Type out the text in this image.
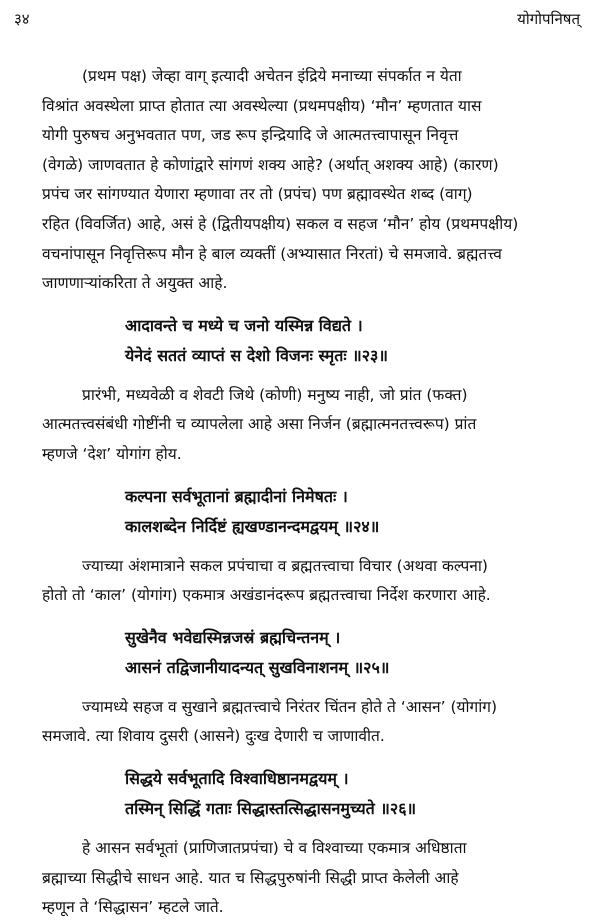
३४	योगोपनिषत्

(प्रथम पक्ष) जेव्हा वाग् इत्यादी अचेतन इंद्रिये मनाच्या संपर्कात न येता
विश्रांत अवस्थेला प्राप्त होतात त्या अवस्थेल्या (प्रथमपक्षीय) ‘मौन’ म्हणतात यास
योगी पुरुषच अनुभवतात पण, जड रूप इन्द्रियादि जे आत्मतत्त्वापासून निवृत्त
(वेगळे) जाणवतात हे कोणांद्वारे सांगणं शक्य आहे? (अर्थात् अशक्य आहे) (कारण)
प्रपंच जर सांगण्यात येणारा म्हणावा तर तो (प्रपंच) पण ब्रह्मावस्थेत शब्द (वाग्)
रहित (विवर्जित) आहे, असं हे (द्वितीयपक्षीय) सकल व सहज ‘मौन’ होय (प्रथमपक्षीय)
वचनांपासून निवृत्तिरूप मौन हे बाल व्यक्तीं (अभ्यासात निरतां) चे समजावे. ब्रह्मतत्त्व
जाणणाऱ्यांकरिता ते अयुक्त आहे.

आदावन्ते च मध्ये च जनो यस्मिन्न विद्यते ।
येनेदं सततं व्याप्तं स देशो विजनः स्मृतः ॥२३॥

प्रारंभी, मध्यवेळी व शेवटी जिथे (कोणी) मनुष्य नाही, जो प्रांत (फक्त)
आत्मतत्त्वसंबंधी गोष्टींनी च व्यापलेला आहे असा निर्जन (ब्रह्मात्मनतत्त्वरूप) प्रांत
म्हणजे ‘देश’ योगांग होय.

कल्पना सर्वभूतानां ब्रह्मादीनां निमेषतः ।
कालशब्देन निर्दिष्टं ह्यखण्डानन्दमद्वयम् ॥२४॥

ज्याच्या अंशमात्राने सकल प्रपंचाचा व ब्रह्मतत्त्वाचा विचार (अथवा कल्पना)
होतो तो ‘काल’ (योगांग) एकमात्र अखंडानंदरूप ब्रह्मतत्त्वाचा निर्देश करणारा आहे.

सुखेनैव भवेद्यस्मिन्नजस्रं ब्रह्मचिन्तनम् ।
आसनं तद्विजानीयादन्यत् सुखविनाशनम् ॥२५॥

ज्यामध्ये सहज व सुखाने ब्रह्मतत्त्वाचे निरंतर चिंतन होते ते ‘आसन’ (योगांग)
समजावे. त्या शिवाय दुसरी (आसने) दुःख देणारी च जाणावीत.

सिद्धये सर्वभूतादि विश्वाधिष्ठानमद्वयम् ।
तस्मिन् सिद्धिं गताः सिद्धास्तत्सिद्धासनमुच्यते ॥२६॥

हे आसन सर्वभूतां (प्राणिजातप्रपंचा) चे व विश्वाच्या एकमात्र अधिष्ठाता
ब्रह्माच्या सिद्धीचे साधन आहे. यात च सिद्धपुरुषांनी सिद्धी प्राप्त केलेली आहे
म्हणून ते ‘सिद्धासन’ म्हटले जाते.
